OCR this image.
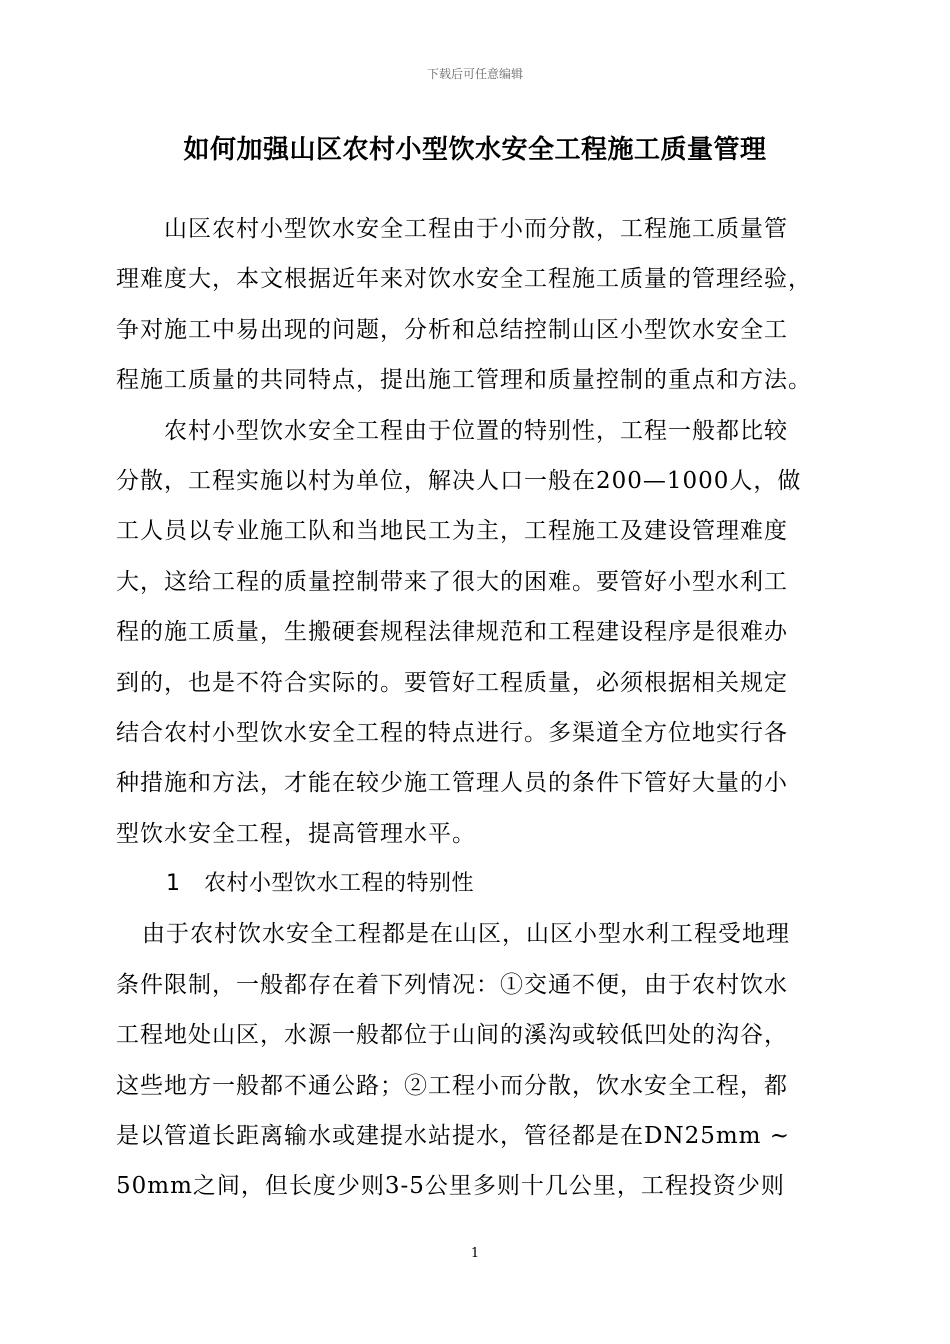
下载后可任意编辑
如何加强山区农村小型饮水安全工程施工质量管理
山区农村小型饮水安全工程由于小而分散，工程施工质量管
理难度大，本文根据近年来对饮水安全工程施工质量的管理经验，
争对施工中易出现的问题，分析和总结控制山区小型饮水安全工
程施工质量的共同特点，提出施工管理和质量控制的重点和方法。
农村小型饮水安全工程由于位置的特别性，工程一般都比较
分散，工程实施以村为单位，解决人口一般在200—1000人，做
工人员以专业施工队和当地民工为主，工程施工及建设管理难度
大，这给工程的质量控制带来了很大的困难。要管好小型水利工
程的施工质量，生搬硬套规程法律规范和工程建设程序是很难办
到的，也是不符合实际的。要管好工程质量，必须根据相关规定
结合农村小型饮水安全工程的特点进行。多渠道全方位地实行各
种措施和方法，才能在较少施工管理人员的条件下管好大量的小
型饮水安全工程，提高管理水平。
1 农村小型饮水工程的特别性
由于农村饮水安全工程都是在山区，山区小型水利工程受地理
条件限制，一般都存在着下列情况：①交通不便，由于农村饮水
工程地处山区，水源一般都位于山间的溪沟或较低凹处的沟谷，
这些地方一般都不通公路；②工程小而分散，饮水安全工程，都
是以管道长距离输水或建提水站提水，管径都是在DN25mm ~
50mm之间，但长度少则3-5公里多则十几公里，工程投资少则
1
